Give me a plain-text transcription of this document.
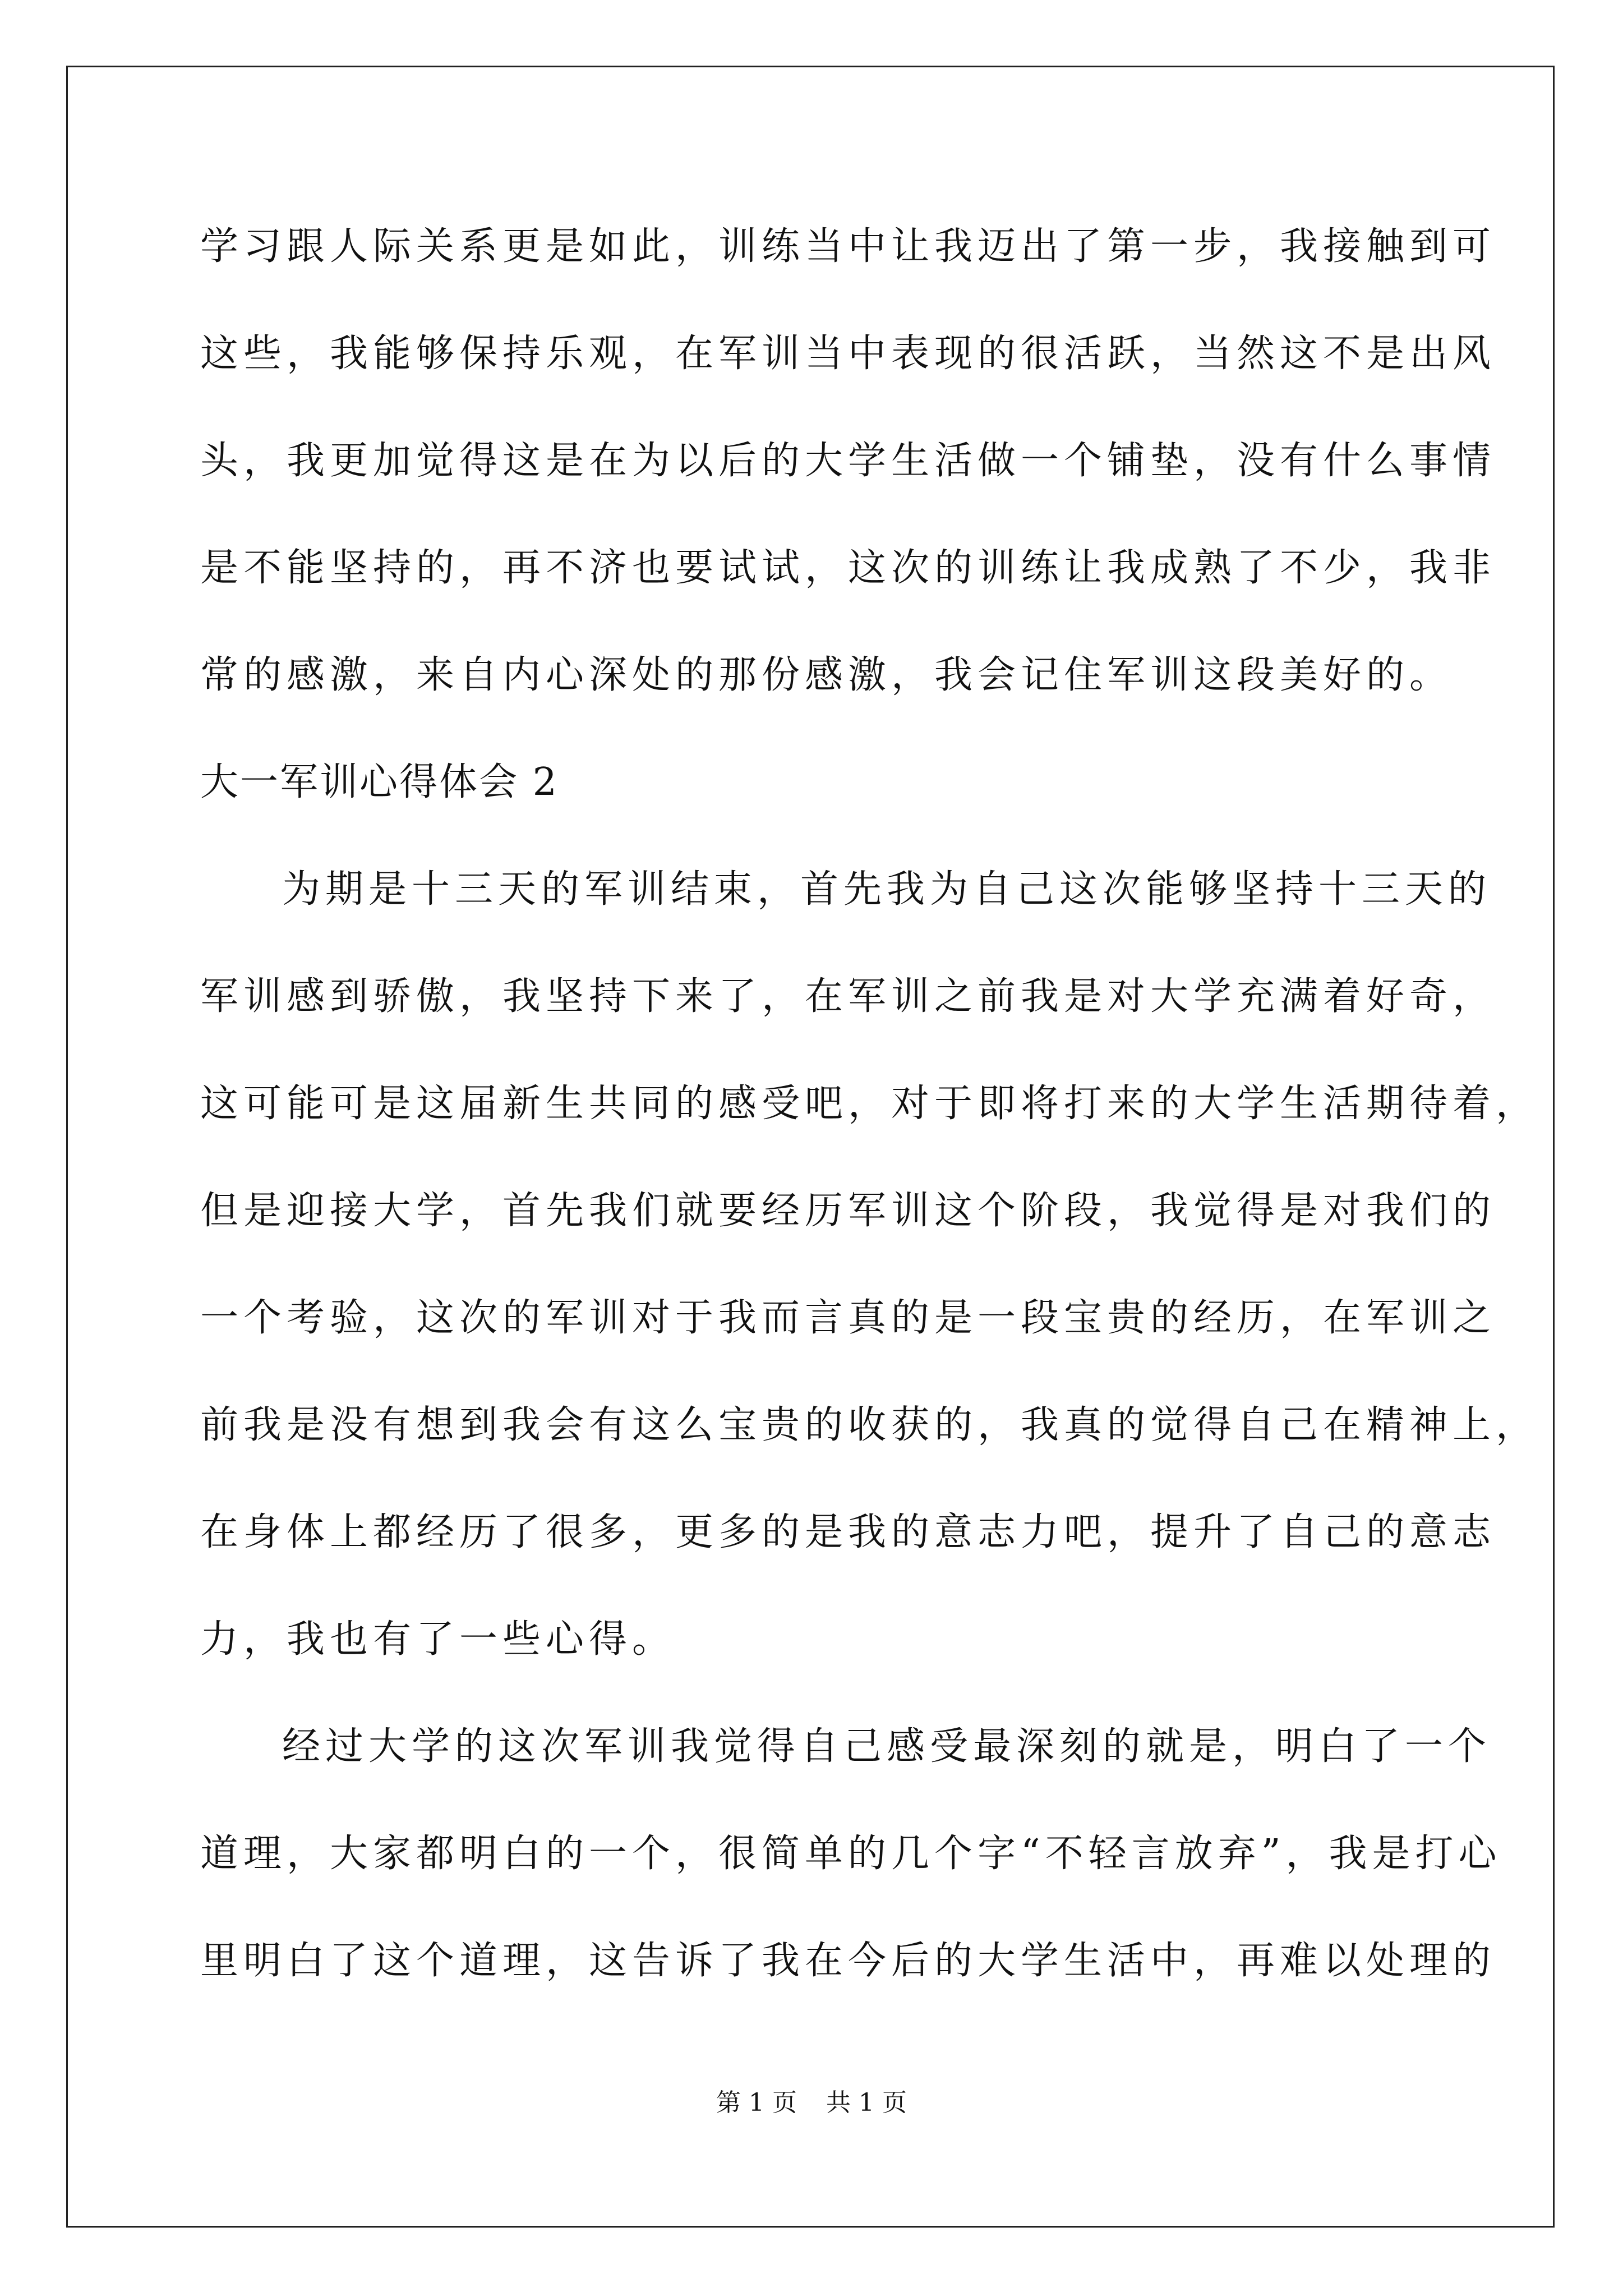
学习跟人际关系更是如此，训练当中让我迈出了第一步，我接触到可
这些，我能够保持乐观，在军训当中表现的很活跃，当然这不是出风
头，我更加觉得这是在为以后的大学生活做一个铺垫，没有什么事情
是不能坚持的，再不济也要试试，这次的训练让我成熟了不少，我非
常的感激，来自内心深处的那份感激，我会记住军训这段美好的。
大一军训心得体会 2
为期是十三天的军训结束，首先我为自己这次能够坚持十三天的
军训感到骄傲，我坚持下来了，在军训之前我是对大学充满着好奇，
这可能可是这届新生共同的感受吧，对于即将打来的大学生活期待着，
但是迎接大学，首先我们就要经历军训这个阶段，我觉得是对我们的
一个考验，这次的军训对于我而言真的是一段宝贵的经历，在军训之
前我是没有想到我会有这么宝贵的收获的，我真的觉得自己在精神上，
在身体上都经历了很多，更多的是我的意志力吧，提升了自己的意志
力，我也有了一些心得。
经过大学的这次军训我觉得自己感受最深刻的就是，明白了一个
道理，大家都明白的一个，很简单的几个字“不轻言放弃”，我是打心
里明白了这个道理，这告诉了我在今后的大学生活中，再难以处理的
第 1 页 共 1 页
